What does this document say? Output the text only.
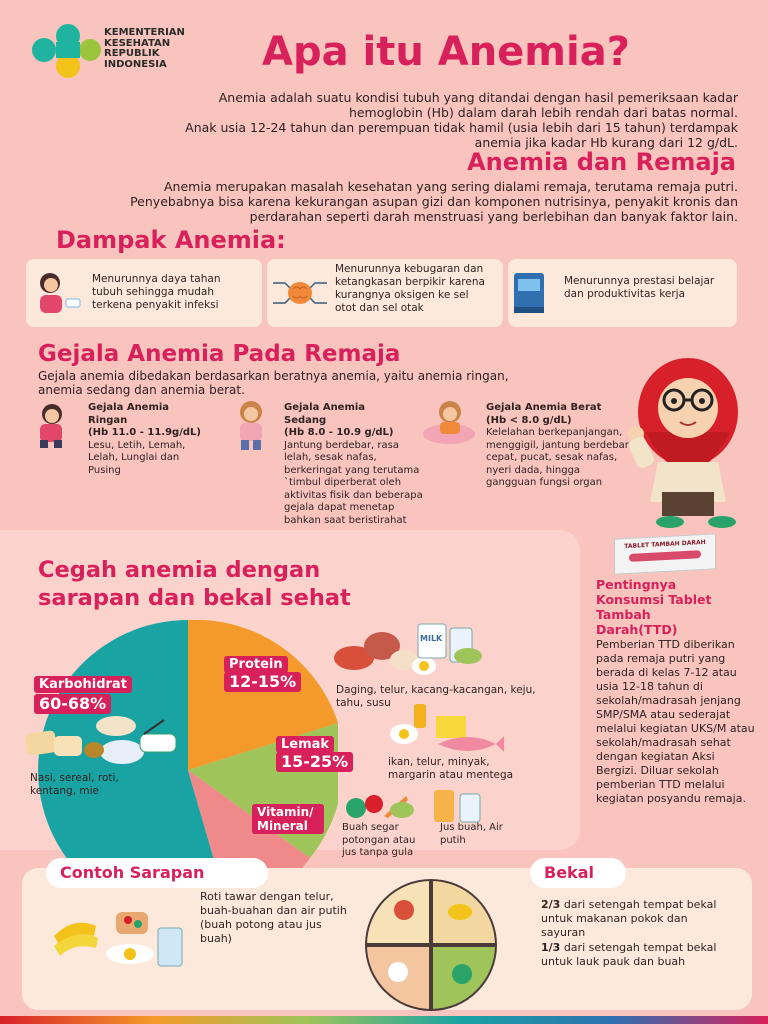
KEMENTERIAN
KESEHATAN
REPUBLIK
INDONESIA	Apa itu Anemia?
Anemia adalah suatu kondisi tubuh yang ditandai dengan hasil pemeriksaan kadar
hemoglobin (Hb) dalam darah lebih rendah dari batas normal.
Anak usia 12-24 tahun dan perempuan tidak hamil (usia lebih dari 15 tahun) terdampak
anemia jika kadar Hb kurang dari 12 g/dL.
Anemia dan Remaja
Anemia merupakan masalah kesehatan yang sering dialami remaja, terutama remaja putri.
Penyebabnya bisa karena kekurangan asupan gizi dan komponen nutrisinya, penyakit kronis dan
perdarahan seperti darah menstruasi yang berlebihan dan banyak faktor lain.
Dampak Anemia:
Menurunnya daya tahan tubuh sehingga mudah terkena penyakit infeksi
Menurunnya kebugaran dan ketangkasan berpikir karena kurangnya oksigen ke sel otot dan sel otak
Menurunnya prestasi belajar dan produktivitas kerja
Gejala Anemia Pada Remaja
Gejala anemia dibedakan berdasarkan beratnya anemia, yaitu anemia ringan,
anemia sedang dan anemia berat.
Gejala Anemia
Ringan
(Hb 11.0 - 11.9g/dL)
Lesu, Letih, Lemah, Lelah, Lunglai dan Pusing
Gejala Anemia
Sedang
(Hb 8.0 - 10.9 g/dL)
Jantung berdebar, rasa lelah, sesak nafas, berkeringat yang terutama `timbul diperberat oleh aktivitas fisik dan beberapa gejala dapat menetap bahkan saat beristirahat
Gejala Anemia Berat
(Hb < 8.0 g/dL)
Kelelahan berkepanjangan, menggigil, jantung berdebar cepat, pucat, sesak nafas, nyeri dada, hingga gangguan fungsi organ
TABLET TAMBAH DARAH
Cegah anemia dengan
sarapan dan bekal sehat
Karbohidrat
60-68%
Nasi, sereal, roti, kentang, mie
Protein
12-15%
MILK
Daging, telur, kacang-kacangan, keju, tahu, susu
Lemak
15-25%	ikan, telur, minyak, margarin atau mentega
Vitamin/ Mineral	Buah segar potongan atau jus tanpa gula
Jus buah, Air putih
Pentingnya
Konsumsi Tablet
Tambah
Darah(TTD)
Pemberian TTD diberikan pada remaja putri yang berada di kelas 7-12 atau usia 12-18 tahun di sekolah/madrasah jenjang SMP/SMA atau sederajat melalui kegiatan UKS/M atau sekolah/madrasah sehat dengan kegiatan Aksi Bergizi. Diluar sekolah pemberian TTD melalui kegiatan posyandu remaja.
Contoh Sarapan
Roti tawar dengan telur, buah-buahan dan air putih (buah potong atau jus buah)
Bekal
2/3 dari setengah tempat bekal untuk makanan pokok dan sayuran
1/3 dari setengah tempat bekal untuk lauk pauk dan buah
